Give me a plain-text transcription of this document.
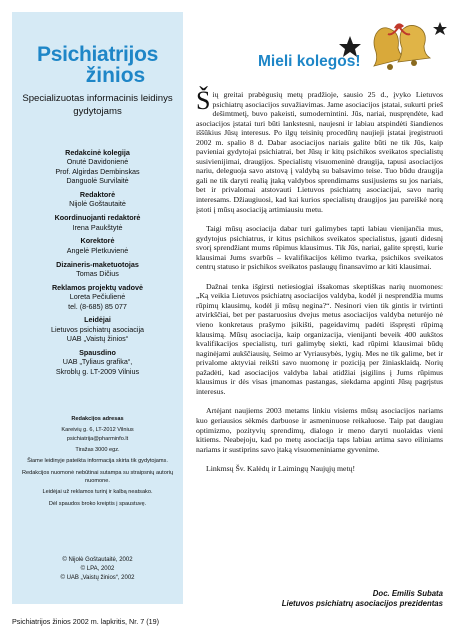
Psichiatrijos
žinios
Specializuotas informacinis leidinys gydytojams
Redakcinė kolegija
Onutė Davidonienė
Prof. Algirdas Dembinskas
Danguolė Survilaitė
Redaktorė
Nijolė Goštautaitė
Koordinuojanti redaktorė
Irena Paukštytė
Korektorė
Angelė Pletkuvienė
Dizaineris-maketuotojas
Tomas Dičius
Reklamos projektų vadovė
Loreta Pečiulienė
tel. (8-685) 85 077
Leidėjai
Lietuvos psichiatrų asociacija
UAB „Vaistų žinios“
Spausdino
UAB „Tyliaus grafika“,
Skroblų g. LT-2009 Vilnius

Redakcijos adresas

Kareivių g. 6, LT-2012 Vilnius
psichiatrija@pharminfo.lt

Tiražas 3000 egz.

Šiame leidinyje pateikta informacija skirta tik gydytojams.

Redakcijos nuomonė nebūtinai sutampa su straipsnių autorių nuomone.

Leidėjai už reklamos turinį ir kalbą neatsako.

Dėl spaudos broko kreiptis į spaustuvę.

© Nijolė Goštautaitė, 2002
© LPA, 2002
© UAB „Vaistų žinios“, 2002
Psichiatrijos žinios 2002 m. lapkritis, Nr. 7 (19)
Mieli kolegos!

Šių greitai prabėgusių metų pradžioje, sausio 25 d., įvyko Lietuvos psichiatrų asociacijos suvažiavimas. Jame asociacijos įstatai, sukurti prieš dešimtmetį, buvo pakeisti, sumodernintini. Jūs, nariai, nuspręndėte, kad asociacijos įstatai turi būti lankstesni, naujesni ir labiau atspindėti šiandienos iššūkius Jūsų interesus. Po ilgų teisinių procedūrų naujieji įstatai įregistruoti 2002 m. spalio 8 d. Dabar asociacijos nariais galite būti ne tik Jūs, kaip pavieniai gydytojai psichiatrai, bet Jūsų ir kitų psichikos sveikatos specialistų susivienijimai, draugijos. Specialistų visuomeninė draugija, tapusi asociacijos nariu, deleguoja savo atstovą į valdybą su balsavimo teise. Tuo būdu draugija gali ne tik daryti realią įtaką valdybos sprendimams susijusiems su jos nariais, bet ir privalomai atstovauti Lietuvos psichiatrų asociacijai, savo narių interesams. Džiaugiuosi, kad kai kurios specialistų draugijos jau pareiškė norą įstoti į mūsų asociaciją artimiausiu metu.

Taigi mūsų asociacija dabar turi galimybes tapti labiau vienijančia mus, gydytojus psichiatrus, ir kitus psichikos sveikatos specialistus, įgauti didesnį svorį sprendžiant mums rūpimus klausimus. Tik Jūs, nariai, galite spręsti, kurie klausimai Jums svarbūs – kvalifikacijos kėlimo tvarka, psichikos sveikatos centrų statuso ir psichikos sveikatos paslaugų finansavimo ar kiti klausimai.

Dažnai tenka išgirsti netiesiogiai išsakomas skeptiškas narių nuomones: „Ką veikia Lietuvos psichiatrų asociacijos valdyba, kodėl ji nesprendžia mums rūpimų klausimų, kodėl ji mūsų negina?“. Nesinori vien tik gintis ir tvirtinti atvirkščiai, bet per pastaruosius dvejus metus asociacijos valdyba neturėjo nė vieno konkretaus prašymo įsikišti, pageidavimų padėti išspręsti rūpimą klausimą. Mūsų asociacija, kaip organizacija, vienijanti beveik 400 aukštos kvalifikacijos specialistų, turi galimybę siekti, kad rūpimi klausimai būdų naginėjami aukščiausių, Seimo ar Vyriausybės, lygių. Mes ne tik galime, bet ir privalome aktyviai reikšti savo nuomonę ir poziciją per žiniasklaidą. Norių pažadėti, kad asociacijos valdyba labai atidžiai įsigilins į Jums rūpimus klausimus ir dės visas įmanomas pastangas, siekdama apginti Jūsų pagrįstus interesus.

Artėjant naujiems 2003 metams linkiu visiems mūsų asociacijos nariams kuo geriausios sėkmės darbuose ir asmeninuose reikaluose. Taip pat daugiau optimizmo, pozityvių sprendimų, dialogo ir meno daryti nuolaidas vieni kitiems. Neabejoju, kad po metų asociacija taps labiau artima savo eiliniams nariams ir sustiprins savo įtaką visuomeniniame gyvenime.

Linkmsų Šv. Kalėdų ir Laimingų Naujųjų metų!

Doc. Emilis Subata
Lietuvos psichiatrų asociacijos prezidentas
